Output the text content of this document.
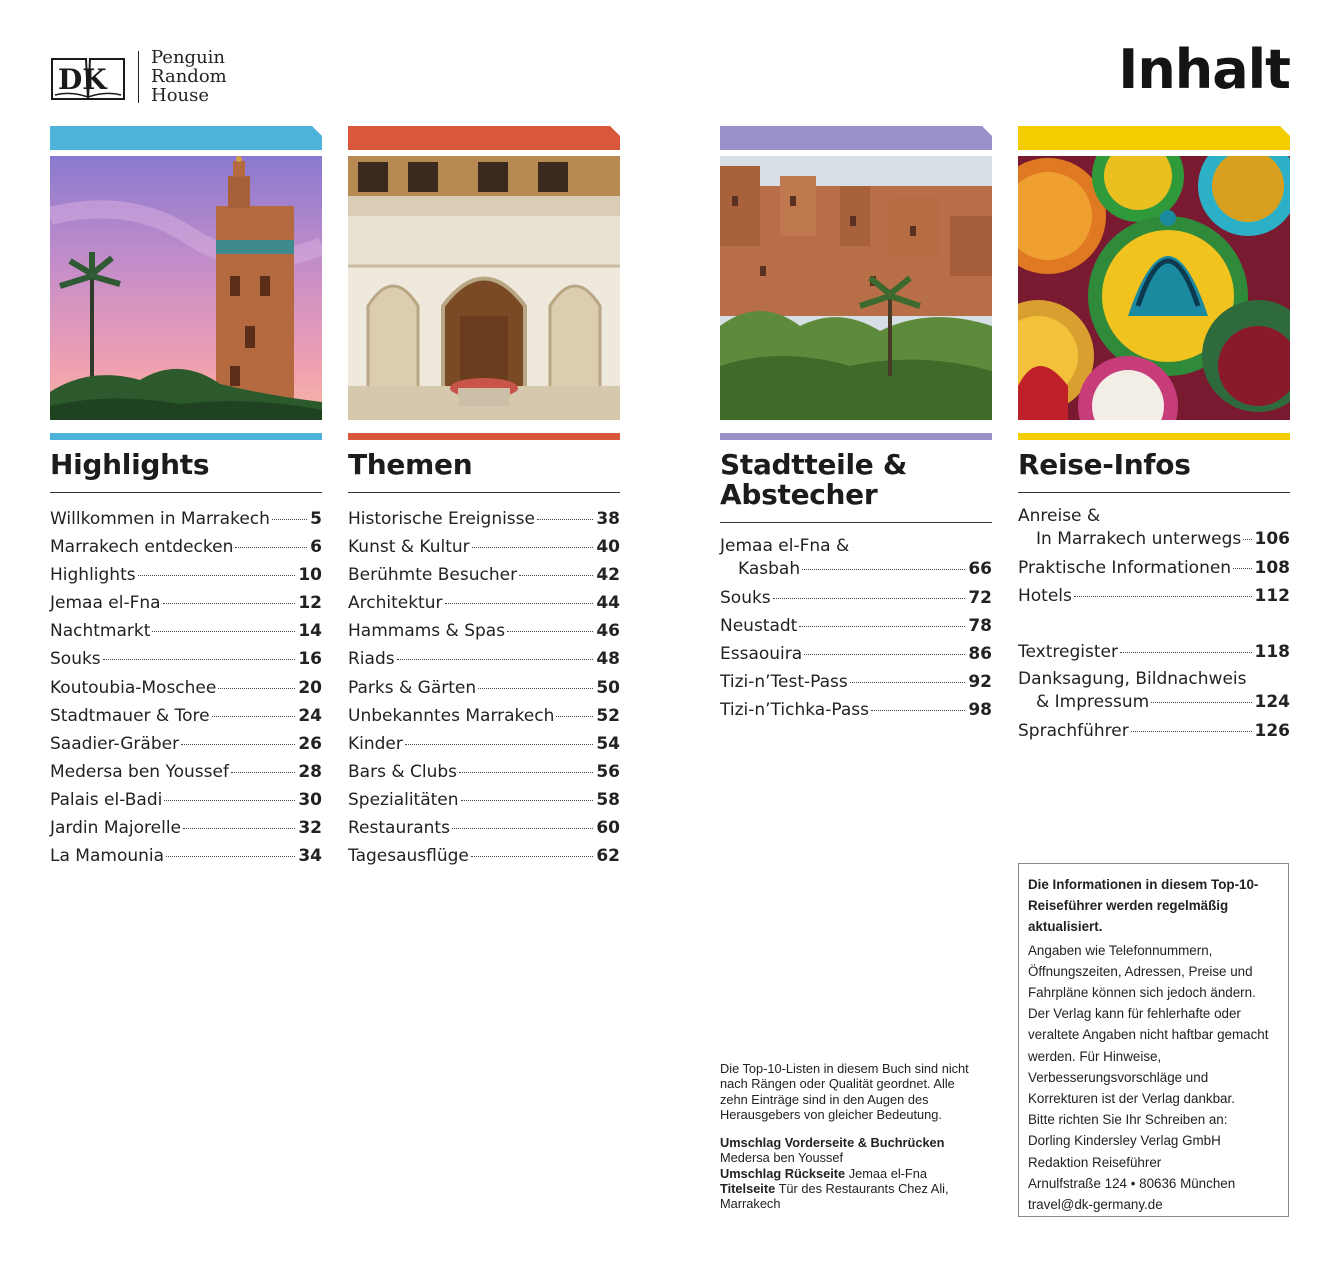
DK
Penguin
Random
House	Inhalt
Highlights
Willkommen in Marrakech 5
Marrakech entdecken	6
Highlights	10
Jemaa el-Fna	12
Nachtmarkt	14
Souks	16
Koutoubia-Moschee	20
Stadtmauer & Tore	24
Saadier-Gräber	26
Medersa ben Youssef	28
Palais el-Badi	30
Jardin Majorelle	32
La Mamounia	34
Themen
Historische Ereignisse	38
Kunst & Kultur	40
Berühmte Besucher	42
Architektur	44
Hammams & Spas	46
Riads	48
Parks & Gärten	50
Unbekanntes Marrakech 52
Kinder	54
Bars & Clubs	56
Spezialitäten	58
Restaurants	60
Tagesausflüge	62
Stadtteile &
Abstecher
Jemaa el-Fna &
Kasbah	66
Souks	72
Neustadt	78
Essaouira	86
Tizi-n’Test-Pass	92
Tizi-n’Tichka-Pass	98
Reise-Infos
Anreise &
In Marrakech unterwegs 106
Praktische Informationen 108
Hotels	112
Textregister	118
Danksagung, Bildnachweis
& Impressum	124
Sprachführer	126

Die Top-10-Listen in diesem Buch sind nicht nach Rängen oder Qualität geordnet. Alle zehn Einträge sind in den Augen des Herausgebers von gleicher Bedeutung.

Umschlag Vorderseite & Buchrücken
Medersa ben Youssef
Umschlag Rückseite Jemaa el-Fna
Titelseite Tür des Restaurants Chez Ali, Marrakech
Die Informationen in diesem Top-10-Reiseführer werden regelmäßig aktualisiert.
Angaben wie Telefonnummern, Öffnungszeiten, Adressen, Preise und Fahrpläne können sich jedoch ändern. Der Verlag kann für fehlerhafte oder veraltete Angaben nicht haftbar gemacht werden. Für Hinweise, Verbesserungsvorschläge und Korrekturen ist der Verlag dankbar.
Bitte richten Sie Ihr Schreiben an:
Dorling Kindersley Verlag GmbH
Redaktion Reiseführer
Arnulfstraße 124 • 80636 München
travel@dk-germany.de
